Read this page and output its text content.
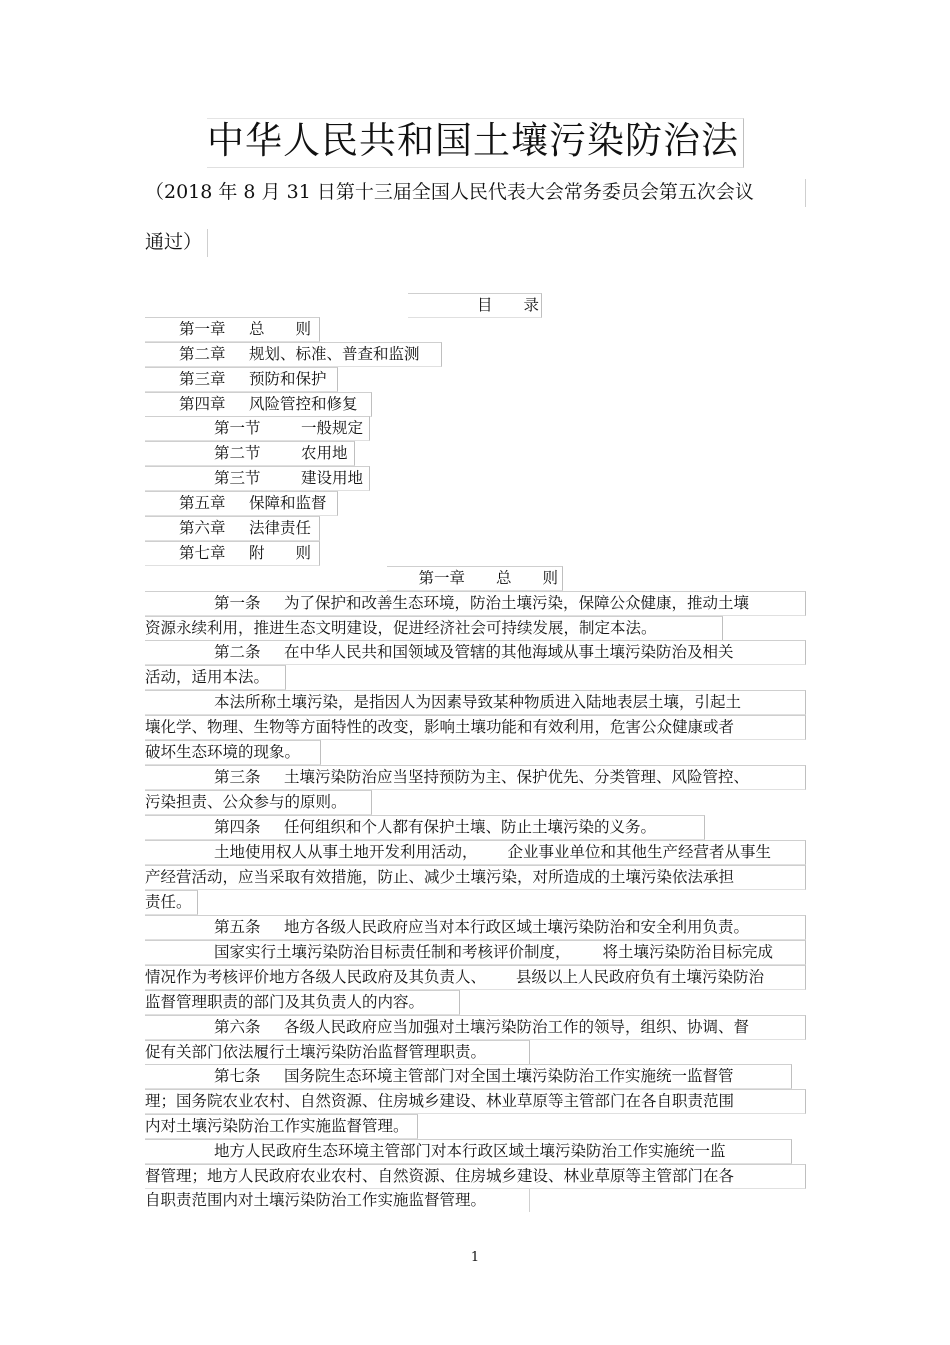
中华人民共和国土壤污染防治法
（2018 年 8 月 31 日第十三届全国人民代表大会常务委员会第五次会议
通过）
目　　录
第一章 总　　则
第二章 规划、标准、普查和监测
第三章 预防和保护
第四章 风险管控和修复
第一节	一般规定
第二节	农用地
第三节	建设用地
第五章 保障和监督
第六章 法律责任
第七章 附　　则
第一章　　总　　则
第一条 为了保护和改善生态环境，防治土壤污染，保障公众健康，推动土壤
资源永续利用，推进生态文明建设，促进经济社会可持续发展，制定本法。
第二条 在中华人民共和国领域及管辖的其他海域从事土壤污染防治及相关
活动，适用本法。
本法所称土壤污染，是指因人为因素导致某种物质进入陆地表层土壤，引起土
壤化学、物理、生物等方面特性的改变，影响土壤功能和有效利用，危害公众健康或者
破坏生态环境的现象。
第三条 土壤污染防治应当坚持预防为主、保护优先、分类管理、风险管控、
污染担责、公众参与的原则。
第四条 任何组织和个人都有保护土壤、防止土壤污染的义务。
土地使用权人从事土地开发利用活动， 企业事业单位和其他生产经营者从事生
产经营活动，应当采取有效措施，防止、减少土壤污染，对所造成的土壤污染依法承担
责任。
第五条 地方各级人民政府应当对本行政区域土壤污染防治和安全利用负责。
国家实行土壤污染防治目标责任制和考核评价制度， 将土壤污染防治目标完成
情况作为考核评价地方各级人民政府及其负责人、 县级以上人民政府负有土壤污染防治
监督管理职责的部门及其负责人的内容。
第六条 各级人民政府应当加强对土壤污染防治工作的领导，组织、协调、督
促有关部门依法履行土壤污染防治监督管理职责。
第七条 国务院生态环境主管部门对全国土壤污染防治工作实施统一监督管
理；国务院农业农村、自然资源、住房城乡建设、林业草原等主管部门在各自职责范围
内对土壤污染防治工作实施监督管理。
地方人民政府生态环境主管部门对本行政区域土壤污染防治工作实施统一监
督管理；地方人民政府农业农村、自然资源、住房城乡建设、林业草原等主管部门在各
自职责范围内对土壤污染防治工作实施监督管理。
1
